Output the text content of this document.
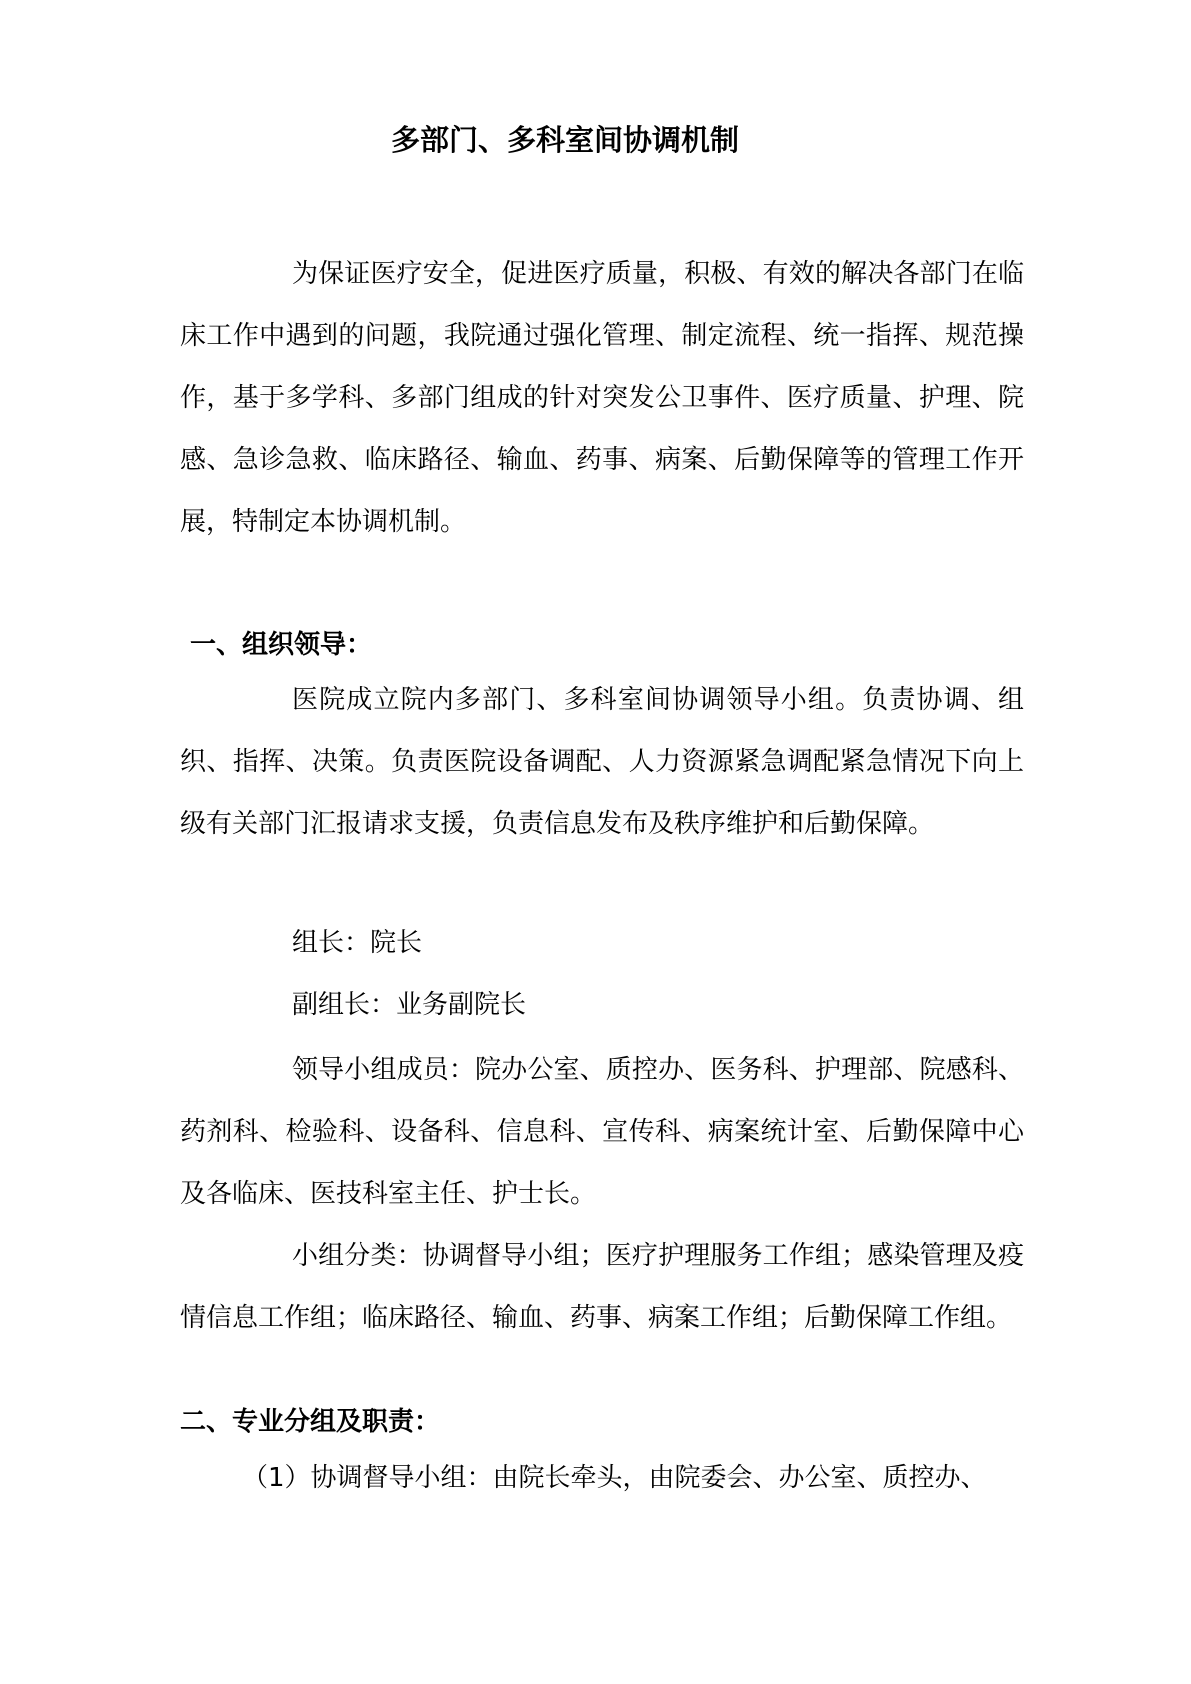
多部门、多科室间协调机制

为保证医疗安全，促进医疗质量，积极、有效的解决各部门在临床工作中遇到的问题，我院通过强化管理、制定流程、统一指挥、规范操作，基于多学科、多部门组成的针对突发公卫事件、医疗质量、护理、院感、急诊急救、临床路径、输血、药事、病案、后勤保障等的管理工作开展，特制定本协调机制。

一、组织领导：

医院成立院内多部门、多科室间协调领导小组。负责协调、组织、指挥、决策。负责医院设备调配、人力资源紧急调配紧急情况下向上级有关部门汇报请求支援，负责信息发布及秩序维护和后勤保障。

组长：院长

副组长：业务副院长

领导小组成员：院办公室、质控办、医务科、护理部、院感科、药剂科、检验科、设备科、信息科、宣传科、病案统计室、后勤保障中心及各临床、医技科室主任、护士长。

小组分类：协调督导小组；医疗护理服务工作组；感染管理及疫情信息工作组；临床路径、输血、药事、病案工作组；后勤保障工作组。

二、专业分组及职责：

（1）协调督导小组：由院长牵头，由院委会、办公室、质控办、
